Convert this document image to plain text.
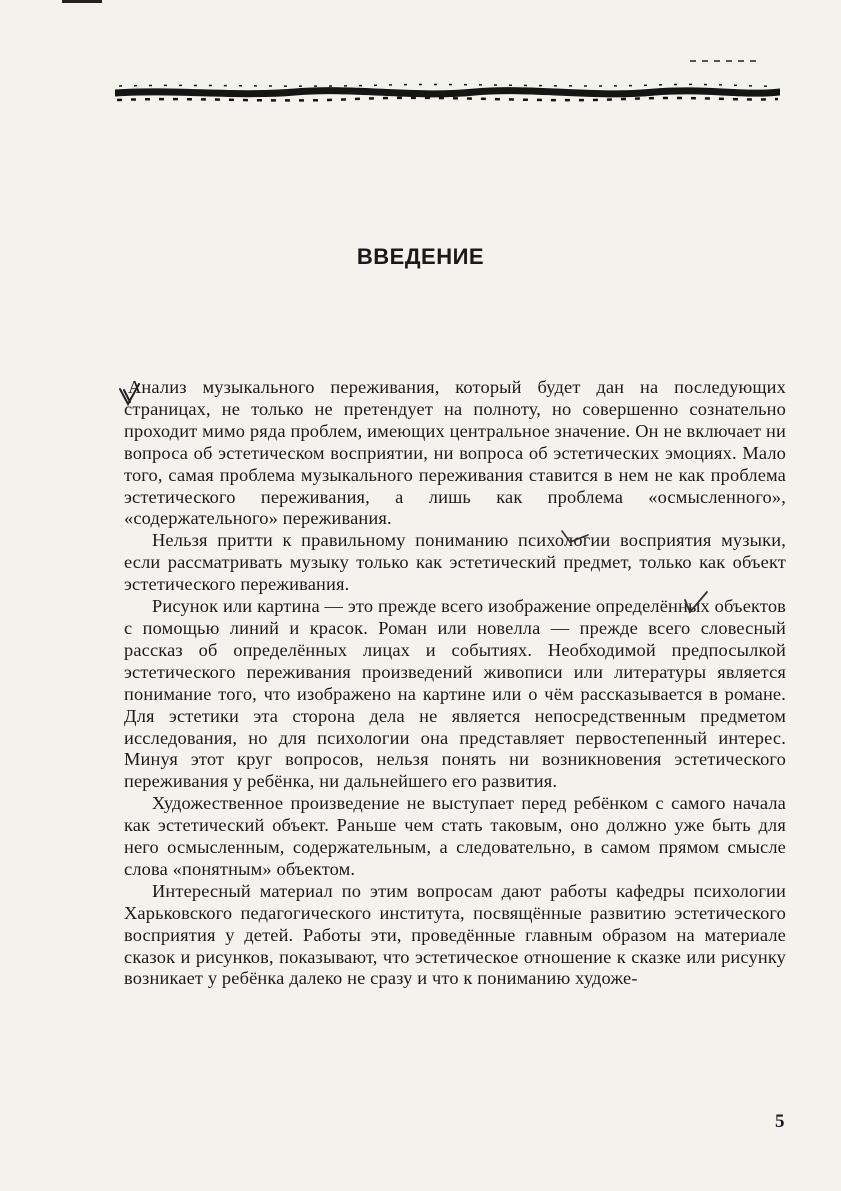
ВВЕДЕНИЕ

Анализ музыкального переживания, который будет дан на последующих страницах, не только не претендует на полноту, но совершенно сознательно проходит мимо ряда проблем, имеющих центральное значение. Он не включает ни вопроса об эстетическом восприятии, ни вопроса об эстетических эмоциях. Мало того, самая проблема музыкального переживания ставится в нем не как проблема эстетического переживания, а лишь как проблема «осмысленного», «содержательного» переживания.

Нельзя притти к правильному пониманию психологии восприятия музыки, если рассматривать музыку только как эстетический предмет, только как объект эстетического переживания.

Рисунок или картина — это прежде всего изображение определённых объектов с помощью линий и красок. Роман или новелла — прежде всего словесный рассказ об определённых лицах и событиях. Необходимой предпосылкой эстетического переживания произведений живописи или литературы является понимание того, что изображено на картине или о чём рассказывается в романе. Для эстетики эта сторона дела не является непосредственным предметом исследования, но для психологии она представляет первостепенный интерес. Минуя этот круг вопросов, нельзя понять ни возникновения эстетического переживания у ребёнка, ни дальнейшего его развития.

Художественное произведение не выступает перед ребёнком с самого начала как эстетический объект. Раньше чем стать таковым, оно должно уже быть для него осмысленным, содержательным, а следовательно, в самом прямом смысле слова «понятным» объектом.

Интересный материал по этим вопросам дают работы кафедры психологии Харьковского педагогического института, посвящённые развитию эстетического восприятия у детей. Работы эти, проведённые главным образом на материале сказок и рисунков, показывают, что эстетическое отношение к сказке или рисунку возникает у ребёнка далеко не сразу и что к пониманию художе-

5
